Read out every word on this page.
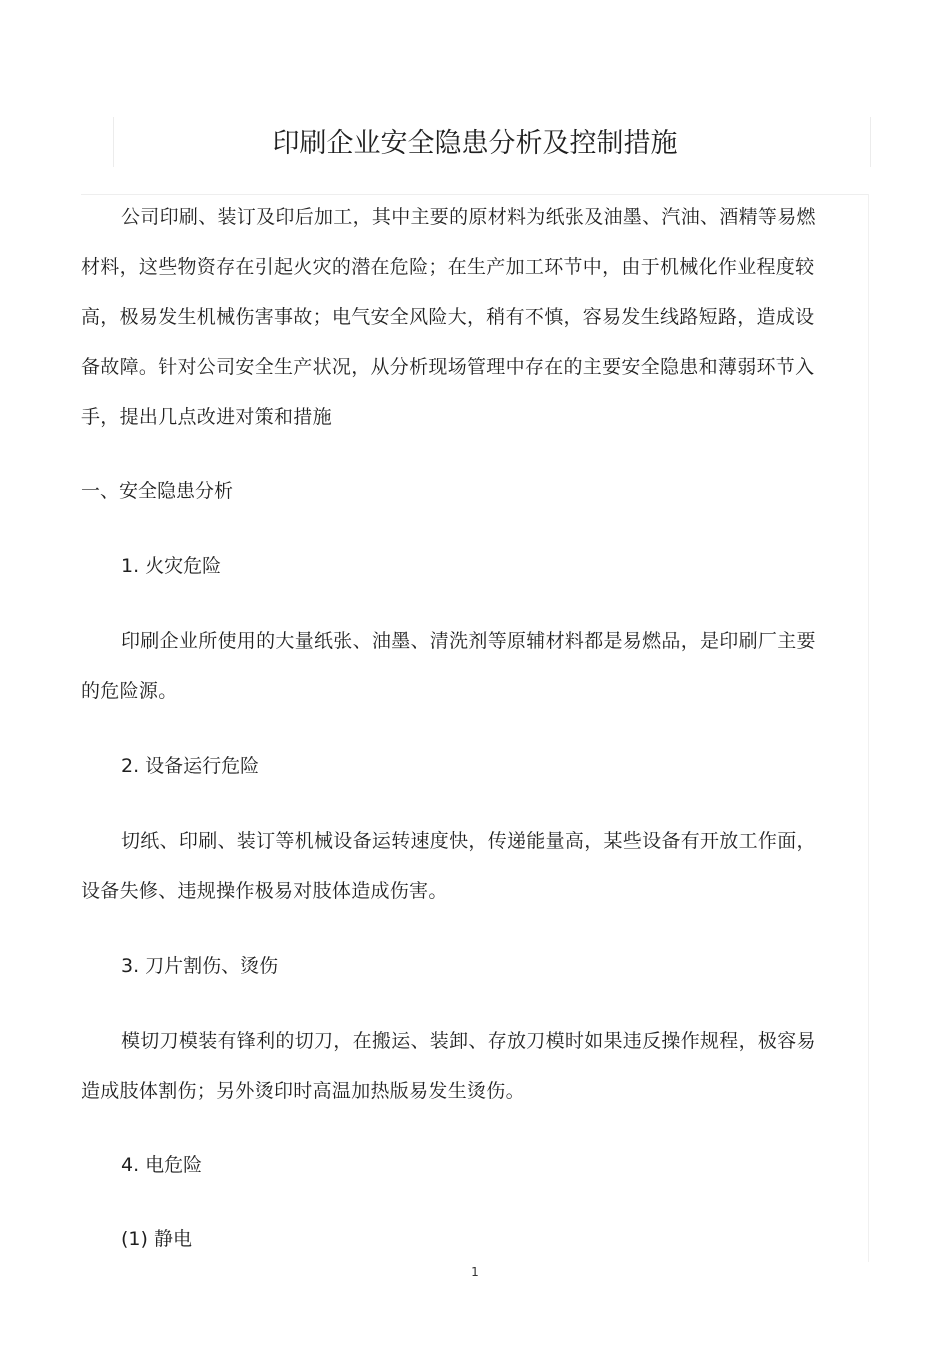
印刷企业安全隐患分析及控制措施

公司印刷、装订及印后加工，其中主要的原材料为纸张及油墨、汽油、酒精等易燃材料，这些物资存在引起火灾的潜在危险；在生产加工环节中，由于机械化作业程度较高，极易发生机械伤害事故；电气安全风险大，稍有不慎，容易发生线路短路，造成设备故障。针对公司安全生产状况，从分析现场管理中存在的主要安全隐患和薄弱环节入手，提出几点改进对策和措施

一、安全隐患分析
1. 火灾危险

印刷企业所使用的大量纸张、油墨、清洗剂等原辅材料都是易燃品，是印刷厂主要的危险源。

2. 设备运行危险

切纸、印刷、装订等机械设备运转速度快，传递能量高，某些设备有开放工作面，设备失修、违规操作极易对肢体造成伤害。

3. 刀片割伤、烫伤

模切刀模装有锋利的切刀，在搬运、装卸、存放刀模时如果违反操作规程，极容易造成肢体割伤；另外烫印时高温加热版易发生烫伤。

4. 电危险
(1) 静电
1
